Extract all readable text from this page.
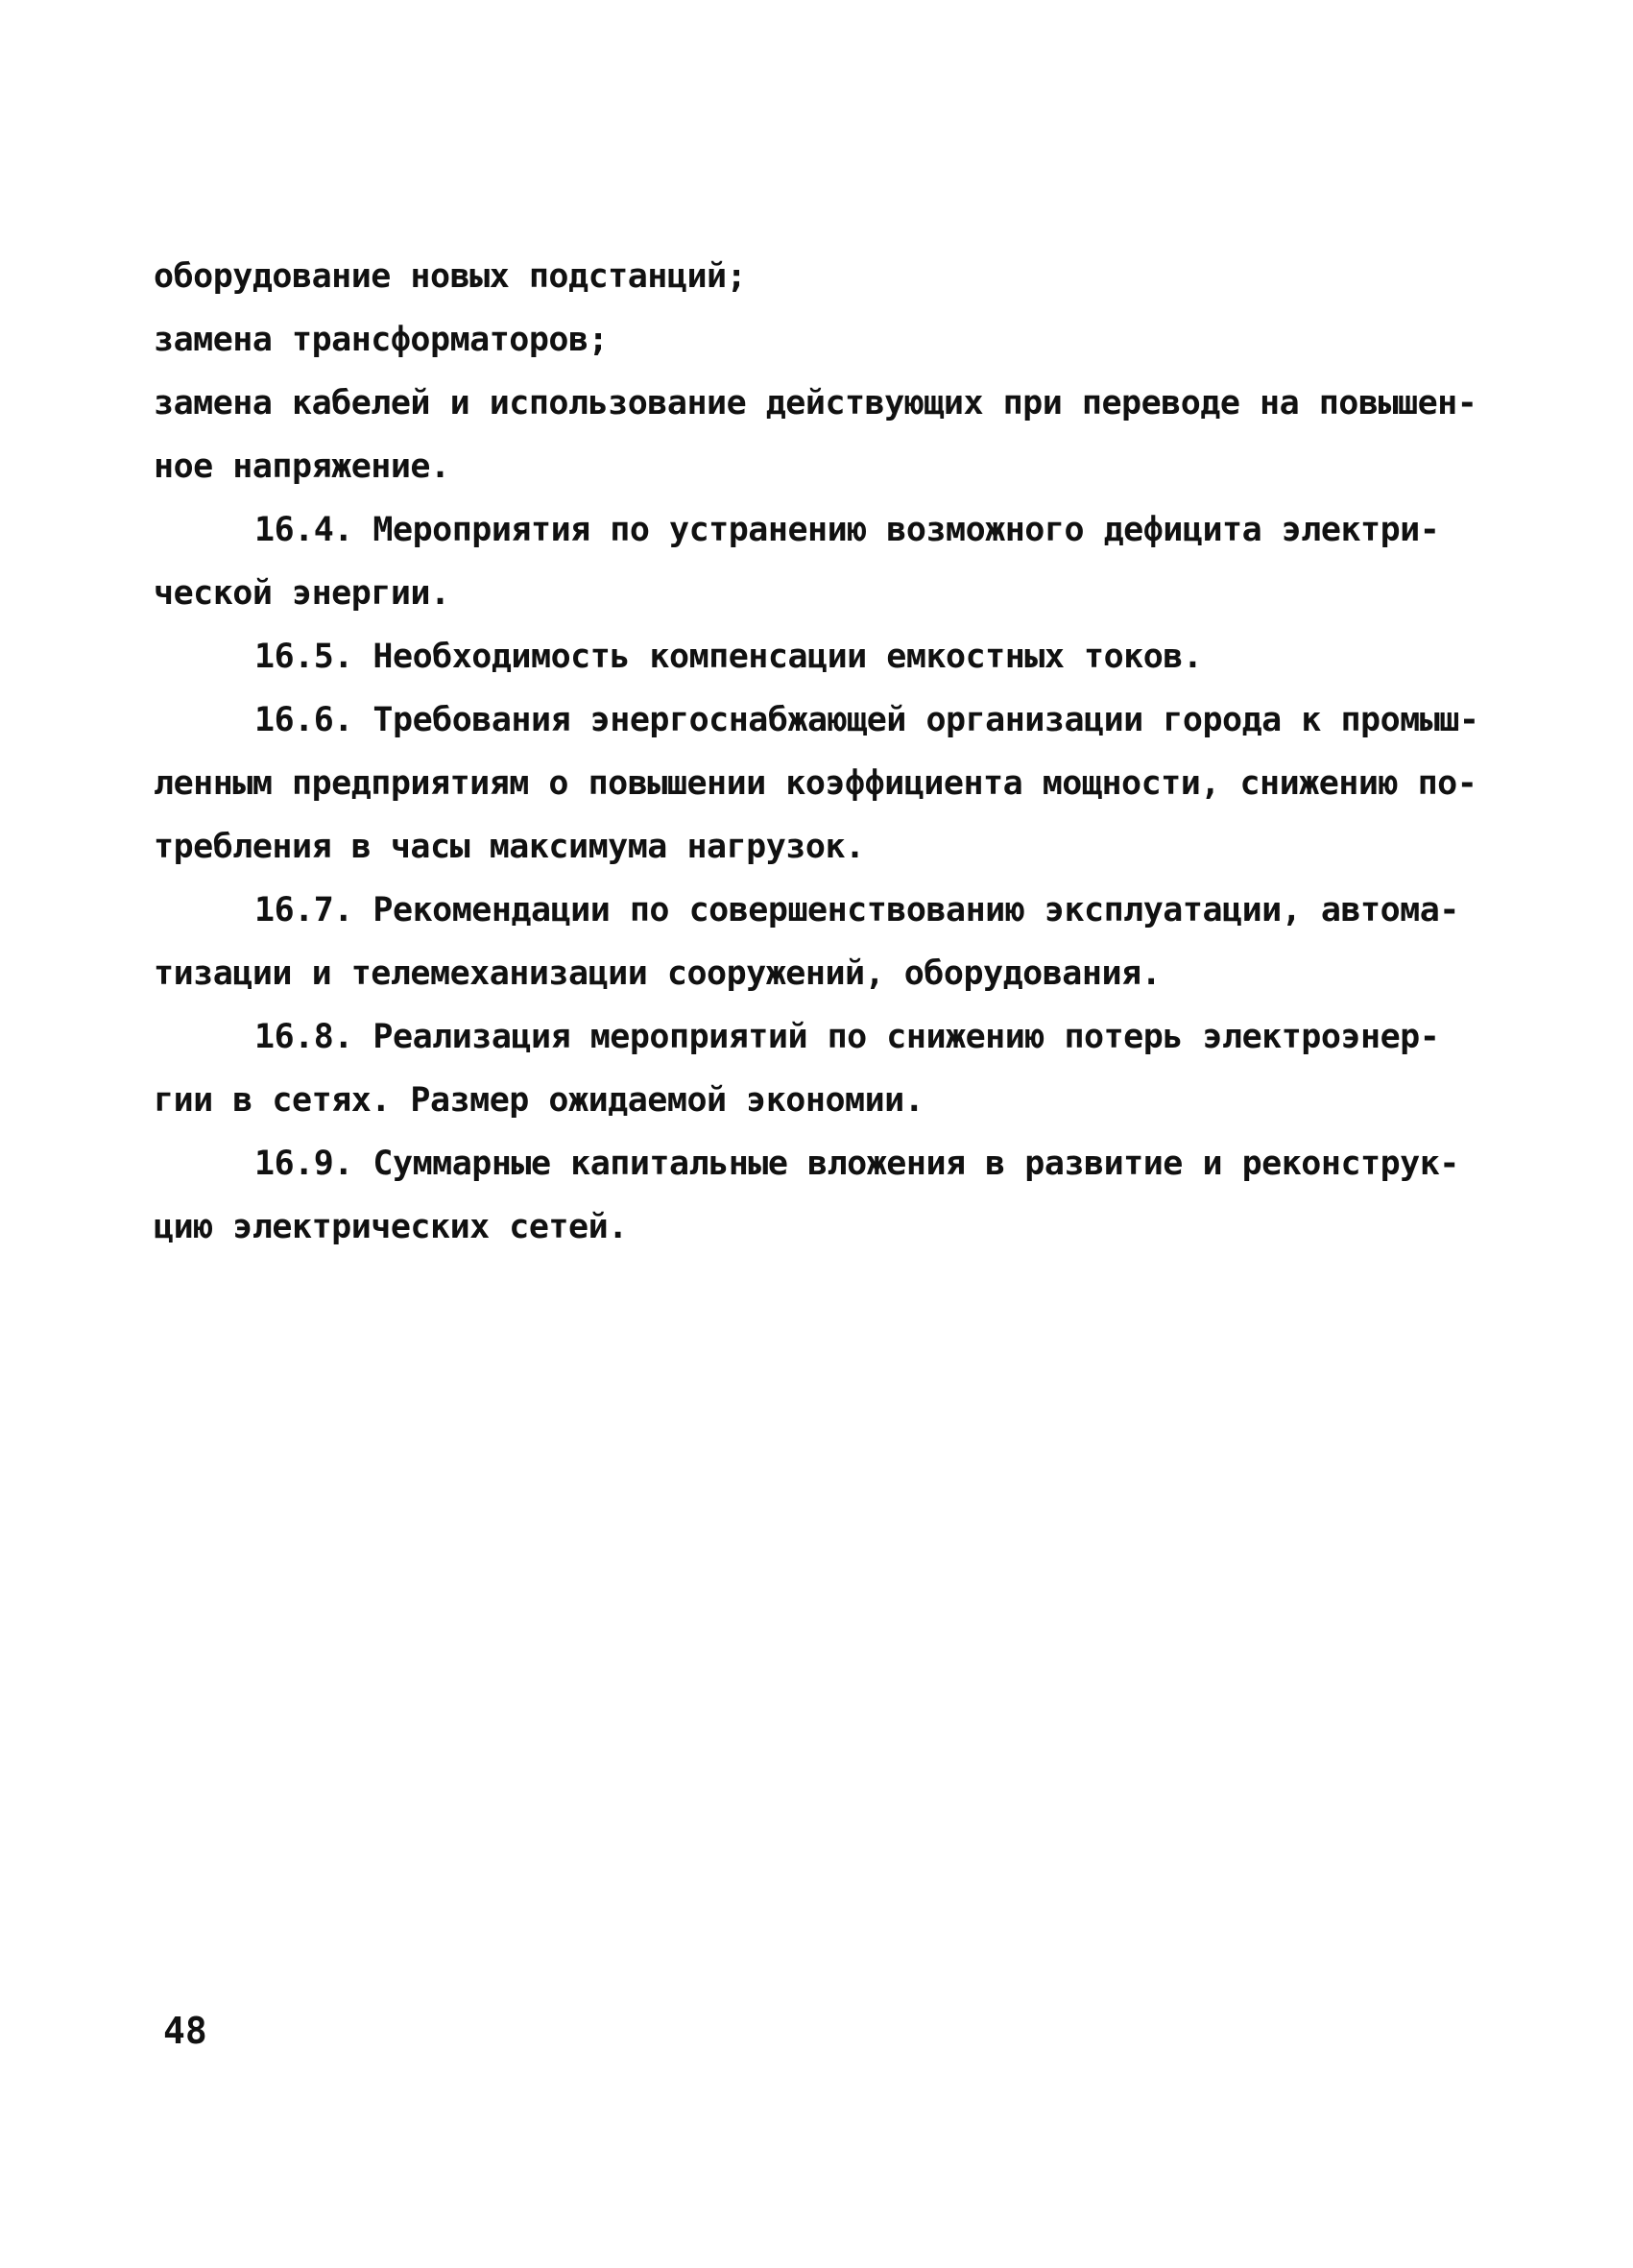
оборудование новых подстанций;
замена трансформаторов;
замена кабелей и использование действующих при переводе на повышен-
ное напряжение.
16.4. Мероприятия по устранению возможного дефицита электри-
ческой энергии.
16.5. Необходимость компенсации емкостных токов.
16.6. Требования энергоснабжающей организации города к промыш-
ленным предприятиям о повышении коэффициента мощности, снижению по-
требления в часы максимума нагрузок.
16.7. Рекомендации по совершенствованию эксплуатации, автома-
тизации и телемеханизации сооружений, оборудования.
16.8. Реализация мероприятий по снижению потерь электроэнер-
гии в сетях. Размер ожидаемой экономии.
16.9. Суммарные капитальные вложения в развитие и реконструк-
цию электрических сетей.
48
